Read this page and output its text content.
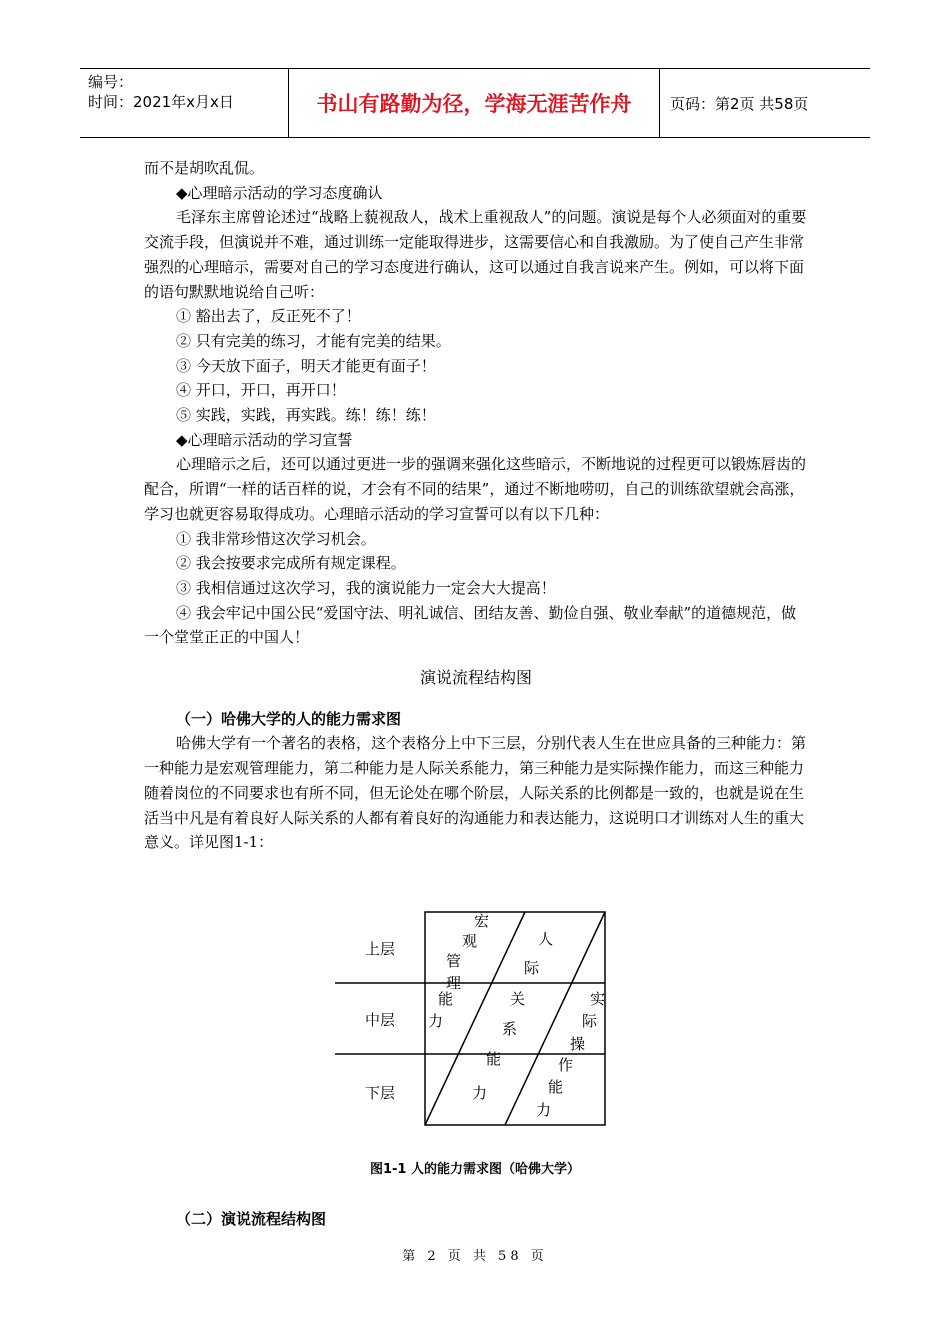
编号：
时间：2021年x月x日	书山有路勤为径，学海无涯苦作舟	页码：第2页 共58页

而不是胡吹乱侃。

◆心理暗示活动的学习态度确认

毛泽东主席曾论述过“战略上藐视敌人，战术上重视敌人”的问题。演说是每个人必须面对的重要交流手段，但演说并不难，通过训练一定能取得进步，这需要信心和自我激励。为了使自己产生非常强烈的心理暗示，需要对自己的学习态度进行确认，这可以通过自我言说来产生。例如，可以将下面的语句默默地说给自己听：

① 豁出去了，反正死不了！

② 只有完美的练习，才能有完美的结果。

③ 今天放下面子，明天才能更有面子！

④ 开口，开口，再开口！

⑤ 实践，实践，再实践。练！练！练！

◆心理暗示活动的学习宣誓

心理暗示之后，还可以通过更进一步的强调来强化这些暗示，不断地说的过程更可以锻炼唇齿的配合，所谓“一样的话百样的说，才会有不同的结果”，通过不断地唠叨，自己的训练欲望就会高涨，学习也就更容易取得成功。心理暗示活动的学习宣誓可以有以下几种：

① 我非常珍惜这次学习机会。

② 我会按要求完成所有规定课程。

③ 我相信通过这次学习，我的演说能力一定会大大提高！

④ 我会牢记中国公民“爱国守法、明礼诚信、团结友善、勤俭自强、敬业奉献”的道德规范，做一个堂堂正正的中国人！

演说流程结构图

（一）哈佛大学的人的能力需求图

哈佛大学有一个著名的表格，这个表格分上中下三层，分别代表人生在世应具备的三种能力：第一种能力是宏观管理能力，第二种能力是人际关系能力，第三种能力是实际操作能力，而这三种能力随着岗位的不同要求也有所不同，但无论处在哪个阶层，人际关系的比例都是一致的，也就是说在生活当中凡是有着良好人际关系的人都有着良好的沟通能力和表达能力，这说明口才训练对人生的重大意义。详见图1-1：

上层
中层
下层
宏
观
管
理
能
力
人
际
关
系
能
力
实
际
操
作
能
力
图1-1 人的能力需求图（哈佛大学）
（二）演说流程结构图
第 2 页 共 58 页
